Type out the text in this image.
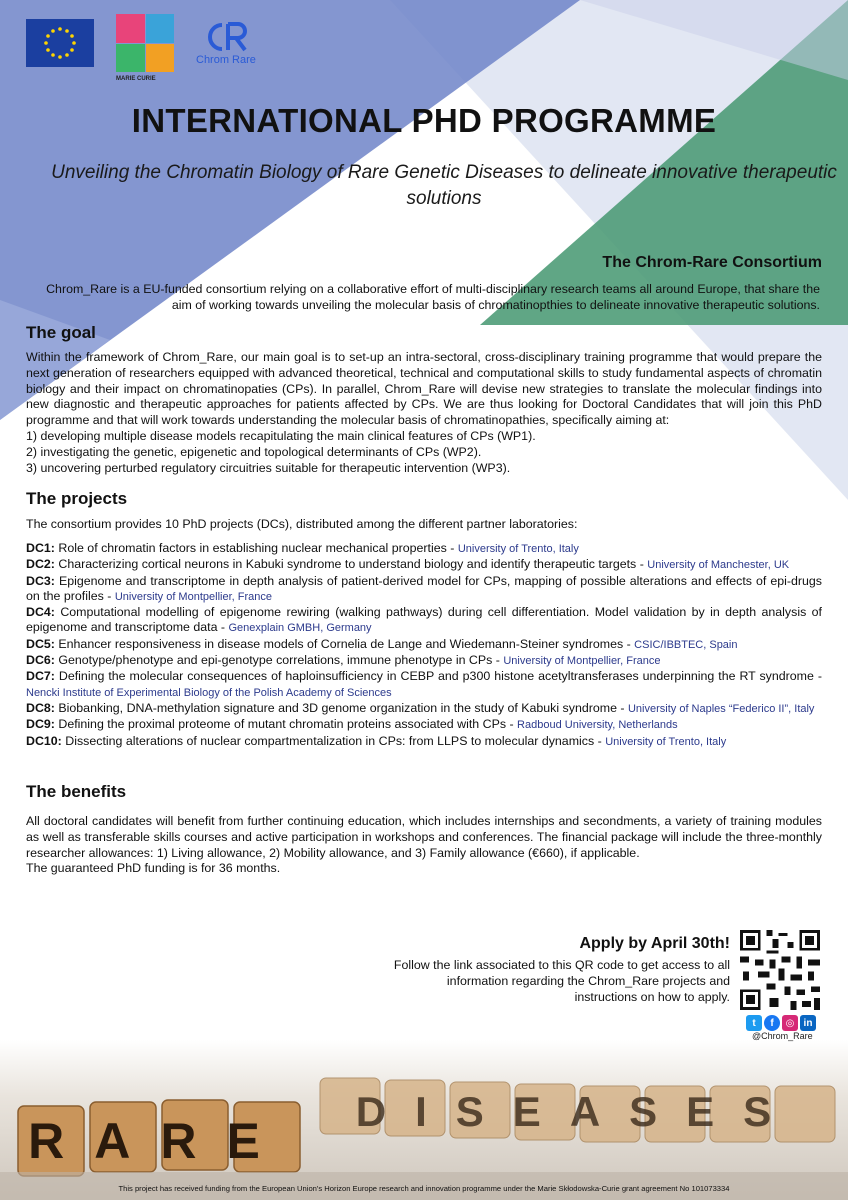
MARIE CURIE
Chrom Rare
INTERNATIONAL PHD PROGRAMME
Unveiling the Chromatin Biology of Rare Genetic Diseases to delineate innovative therapeutic solutions
The Chrom-Rare Consortium
Chrom_Rare is a EU-funded consortium relying on a collaborative effort of multi-disciplinary research teams all around Europe, that share the aim of working towards unveiling the molecular basis of chromatinopthies to delineate innovative therapeutic solutions.
The goal
Within the framework of Chrom_Rare, our main goal is to set-up an intra-sectoral, cross-disciplinary training programme that would prepare the next generation of researchers equipped with advanced theoretical, technical and computational skills to study fundamental aspects of chromatin biology and their impact on chromatinopaties (CPs). In parallel, Chrom_Rare will devise new strategies to translate the molecular findings into new diagnostic and therapeutic approaches for patients affected by CPs. We are thus looking for Doctoral Candidates that will join this PhD programme and that will work towards understanding the molecular basis of chromatinopathies, specifically aiming at:
1) developing multiple disease models recapitulating the main clinical features of CPs (WP1).
2) investigating the genetic, epigenetic and topological determinants of CPs (WP2).
3) uncovering perturbed regulatory circuitries suitable for therapeutic intervention (WP3).
The projects
The consortium provides 10 PhD projects (DCs), distributed among the different partner laboratories:
DC1: Role of chromatin factors in establishing nuclear mechanical properties - University of Trento, Italy
DC2: Characterizing cortical neurons in Kabuki syndrome to understand biology and identify therapeutic targets - University of Manchester, UK
DC3: Epigenome and transcriptome in depth analysis of patient-derived model for CPs, mapping of possible alterations and effects of epi-drugs on the profiles - University of Montpellier, France
DC4: Computational modelling of epigenome rewiring (walking pathways) during cell differentiation. Model validation by in depth analysis of epigenome and transcriptome data - Genexplain GMBH, Germany
DC5: Enhancer responsiveness in disease models of Cornelia de Lange and Wiedemann-Steiner syndromes - CSIC/IBBTEC, Spain
DC6: Genotype/phenotype and epi-genotype correlations, immune phenotype in CPs - University of Montpellier, France
DC7: Defining the molecular consequences of haploinsufficiency in CEBP and p300 histone acetyltransferases underpinning the RT syndrome - Nencki Institute of Experimental Biology of the Polish Academy of Sciences
DC8: Biobanking, DNA-methylation signature and 3D genome organization in the study of Kabuki syndrome - University of Naples “Federico II”, Italy
DC9: Defining the proximal proteome of mutant chromatin proteins associated with CPs - Radboud University, Netherlands
DC10: Dissecting alterations of nuclear compartmentalization in CPs: from LLPS to molecular dynamics - University of Trento, Italy
The benefits
All doctoral candidates will benefit from further continuing education, which includes internships and secondments, a variety of training modules as well as transferable skills courses and active participation in workshops and conferences. The financial package will include the three-monthly researcher allowances: 1) Living allowance, 2) Mobility allowance, and 3) Family allowance (€660), if applicable.
The guaranteed PhD funding is for 36 months.
Apply by April 30th!
Follow the link associated to this QR code to get access to all information regarding the Chrom_Rare projects and instructions on how to apply.
t	f	◎ in
@Chrom_Rare
DISEASES
RARE
This project has received funding from the European Union's Horizon Europe research and innovation programme under the Marie Skłodowska-Curie grant agreement No 101073334
